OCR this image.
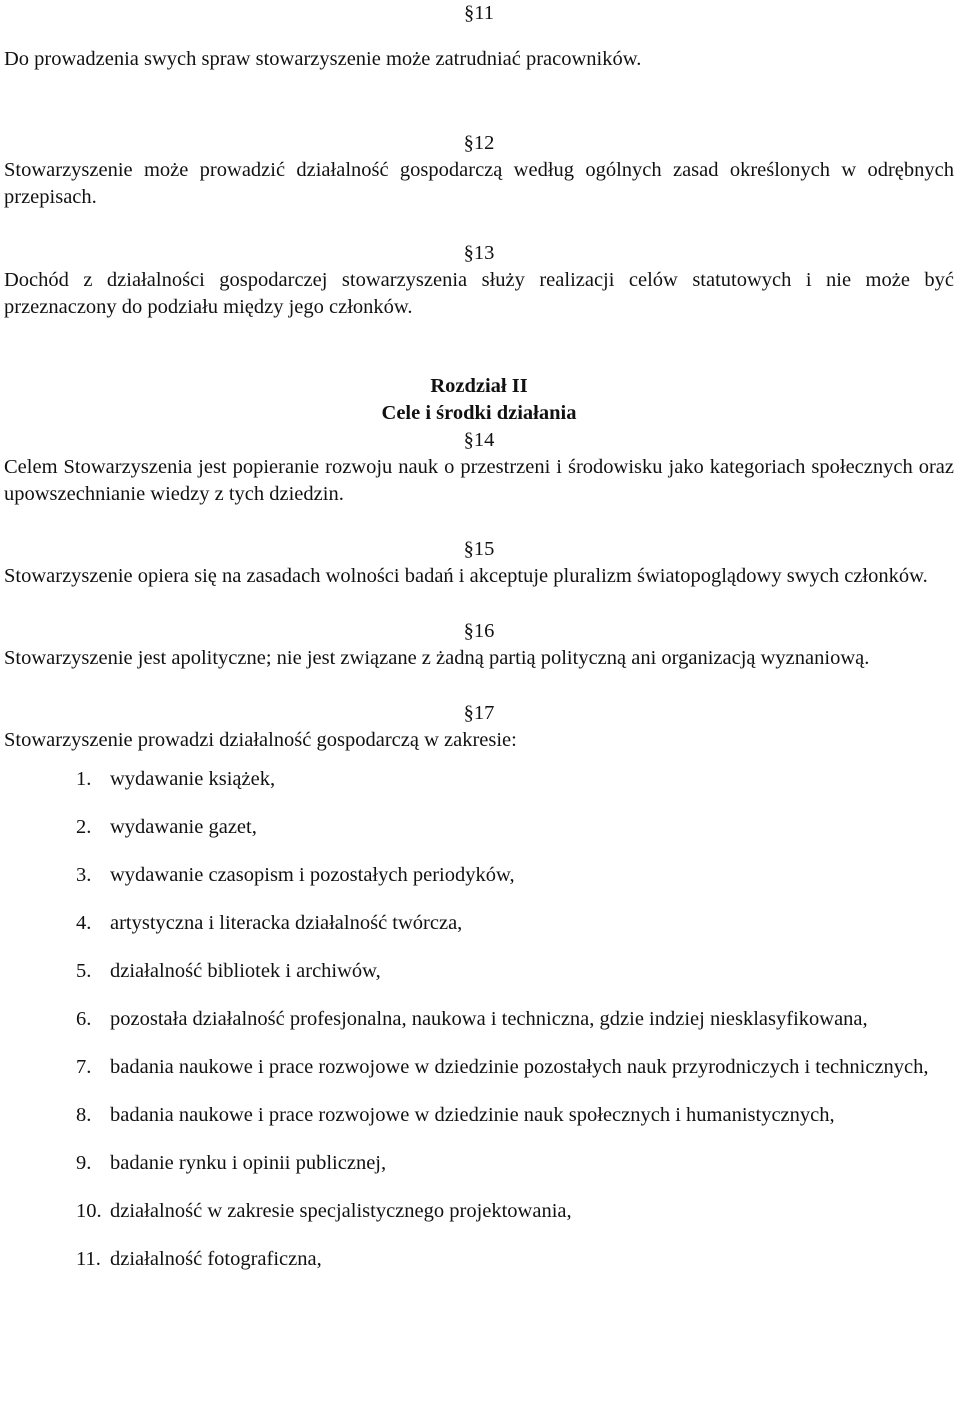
§11

Do prowadzenia swych spraw stowarzyszenie może zatrudniać pracowników.

§12

Stowarzyszenie może prowadzić działalność gospodarczą według ogólnych zasad określonych w odrębnych przepisach.

§13

Dochód z działalności gospodarczej stowarzyszenia służy realizacji celów statutowych i nie może być przeznaczony do podziału między jego członków.

Rozdział II
Cele i środki działania
§14

Celem Stowarzyszenia jest popieranie rozwoju nauk o przestrzeni i środowisku jako kategoriach społecznych oraz upowszechnianie wiedzy z tych dziedzin.

§15

Stowarzyszenie opiera się na zasadach wolności badań i akceptuje pluralizm światopoglądowy swych członków.

§16

Stowarzyszenie jest apolityczne; nie jest związane z żadną partią polityczną ani organizacją wyznaniową.

§17

Stowarzyszenie prowadzi działalność gospodarczą w zakresie:

1. wydawanie książek,
2. wydawanie gazet,
3. wydawanie czasopism i pozostałych periodyków,
4. artystyczna i literacka działalność twórcza,
5. działalność bibliotek i archiwów,
6. pozostała działalność profesjonalna, naukowa i techniczna, gdzie indziej niesklasyfikowana,
7. badania naukowe i prace rozwojowe w dziedzinie pozostałych nauk przyrodniczych i technicznych,
8. badania naukowe i prace rozwojowe w dziedzinie nauk społecznych i humanistycznych,
9. badanie rynku i opinii publicznej,
10. działalność w zakresie specjalistycznego projektowania,
11. działalność fotograficzna,
